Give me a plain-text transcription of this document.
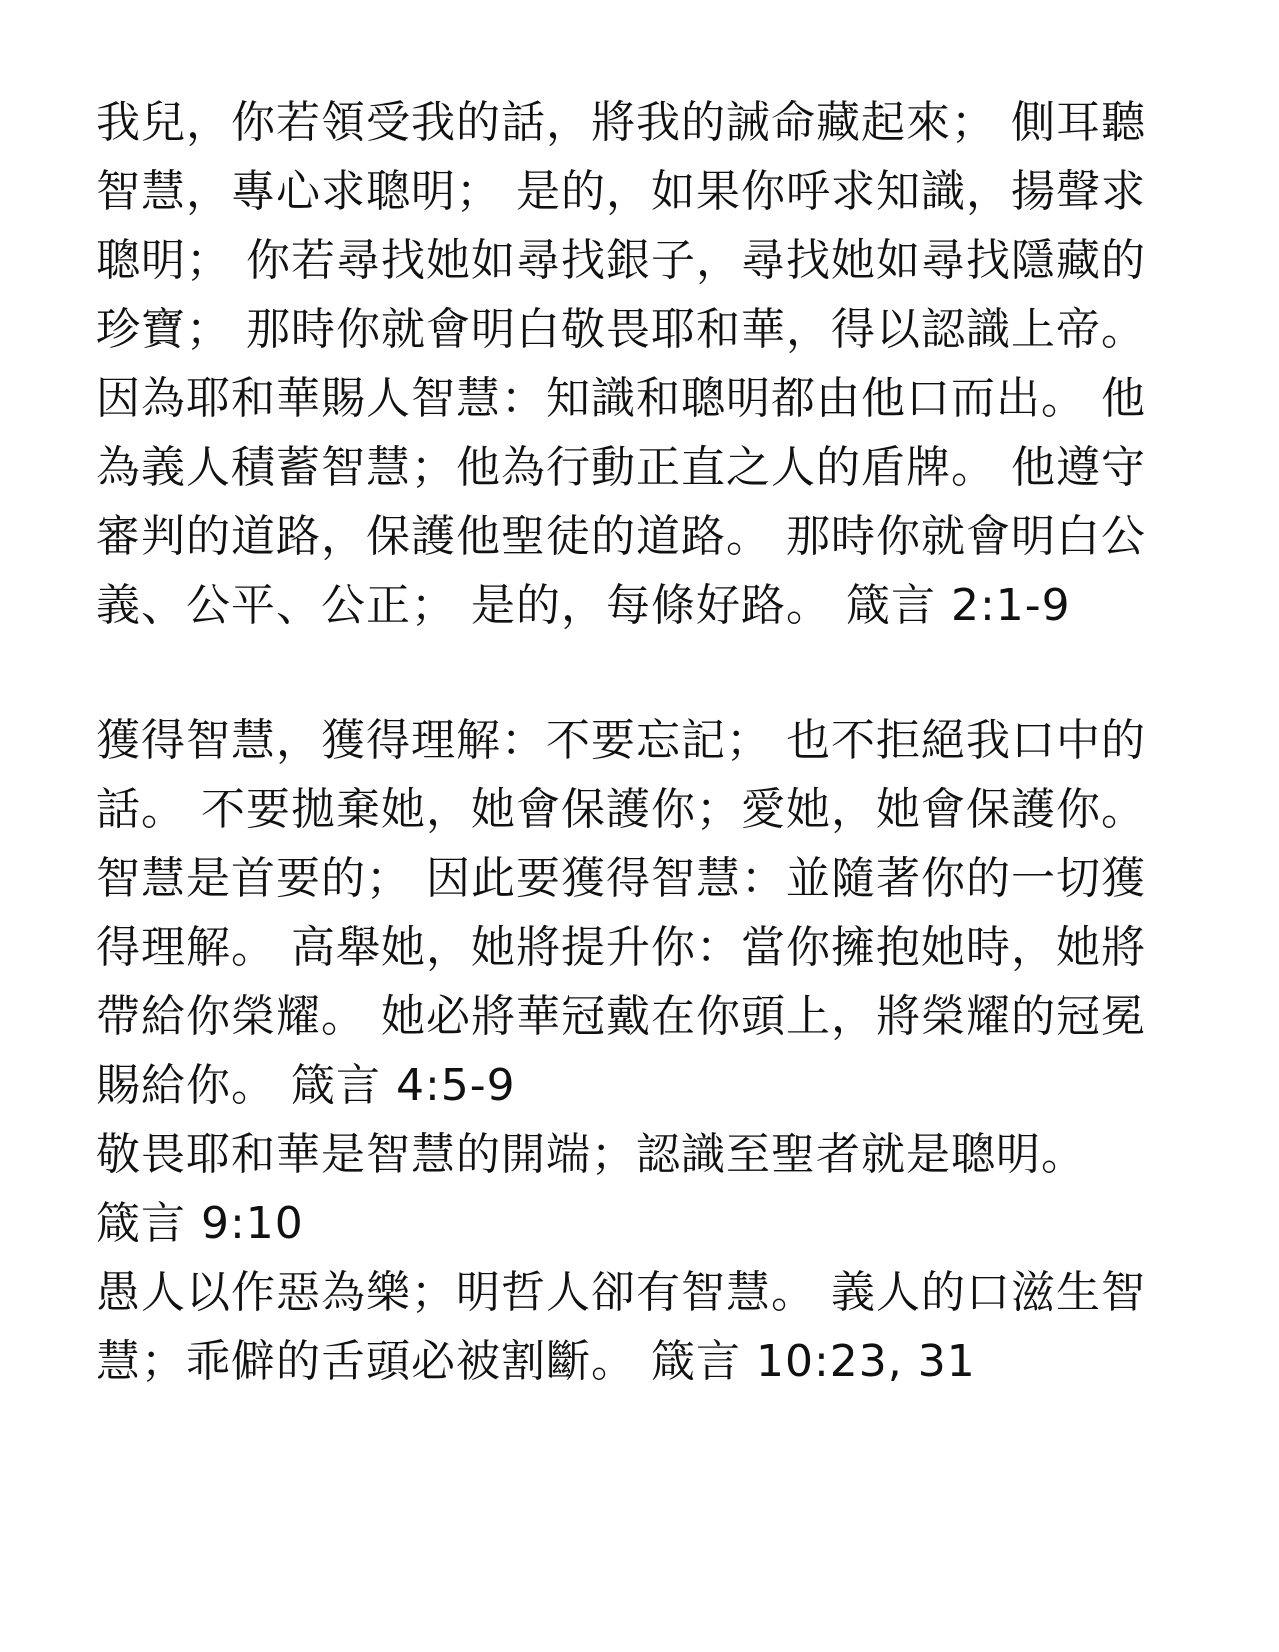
我兒，你若領受我的話，將我的誡命藏起來； 側耳聽智慧，專心求聰明； 是的，如果你呼求知識，揚聲求聰明； 你若尋找她如尋找銀子，尋找她如尋找隱藏的珍寶； 那時你就會明白敬畏耶和華，得以認識上帝。 因為耶和華賜人智慧：知識和聰明都由他口而出。 他為義人積蓄智慧；他為行動正直之人的盾牌。 他遵守審判的道路，保護他聖徒的道路。 那時你就會明白公義、公平、公正； 是的，每條好路。 箴言 2:1-9

獲得智慧，獲得理解：不要忘記； 也不拒絕我口中的話。 不要拋棄她，她會保護你；愛她，她會保護你。 智慧是首要的； 因此要獲得智慧：並隨著你的一切獲得理解。 高舉她，她將提升你：當你擁抱她時，她將帶給你榮耀。 她必將華冠戴在你頭上，將榮耀的冠冕賜給你。 箴言 4:5-9

敬畏耶和華是智慧的開端；認識至聖者就是聰明。

箴言 9:10

愚人以作惡為樂；明哲人卻有智慧。 義人的口滋生智慧；乖僻的舌頭必被割斷。 箴言 10:23, 31
